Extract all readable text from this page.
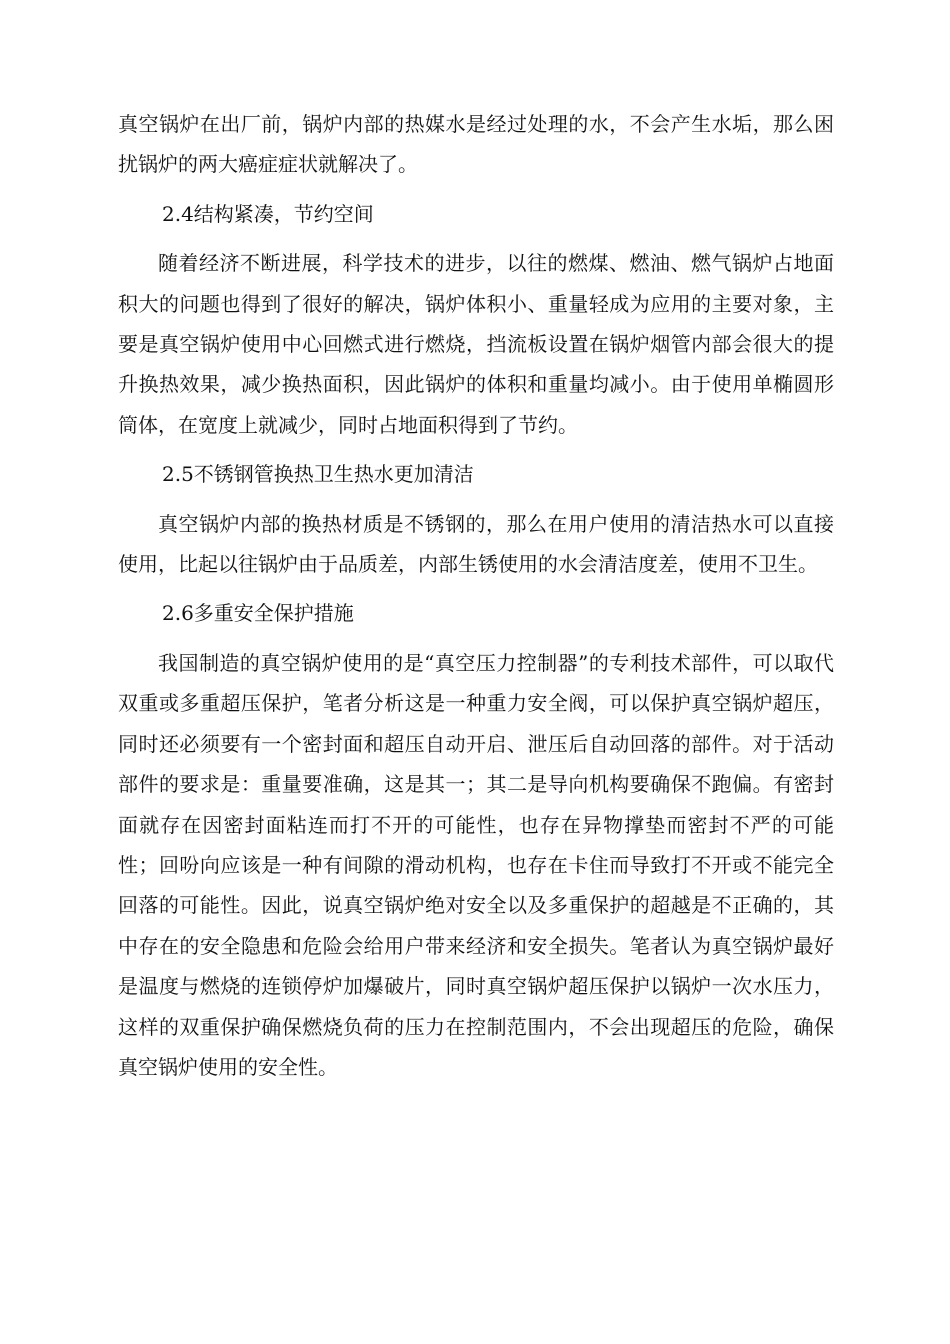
真空锅炉在出厂前，锅炉内部的热媒水是经过处理的水，不会产生水垢，那么困扰锅炉的两大癌症症状就解决了。

2.4结构紧凑，节约空间

随着经济不断进展，科学技术的进步，以往的燃煤、燃油、燃气锅炉占地面积大的问题也得到了很好的解决，锅炉体积小、重量轻成为应用的主要对象，主要是真空锅炉使用中心回燃式进行燃烧，挡流板设置在锅炉烟管内部会很大的提升换热效果，减少换热面积，因此锅炉的体积和重量均减小。由于使用单椭圆形筒体，在宽度上就减少，同时占地面积得到了节约。

2.5不锈钢管换热卫生热水更加清洁

真空锅炉内部的换热材质是不锈钢的，那么在用户使用的清洁热水可以直接使用，比起以往锅炉由于品质差，内部生锈使用的水会清洁度差，使用不卫生。

2.6多重安全保护措施

我国制造的真空锅炉使用的是“真空压力控制器”的专利技术部件，可以取代双重或多重超压保护，笔者分析这是一种重力安全阀，可以保护真空锅炉超压，同时还必须要有一个密封面和超压自动开启、泄压后自动回落的部件。对于活动部件的要求是：重量要准确，这是其一；其二是导向机构要确保不跑偏。有密封面就存在因密封面粘连而打不开的可能性，也存在异物撑垫而密封不严的可能性；回吩向应该是一种有间隙的滑动机构，也存在卡住而导致打不开或不能完全回落的可能性。因此，说真空锅炉绝对安全以及多重保护的超越是不正确的，其中存在的安全隐患和危险会给用户带来经济和安全损失。笔者认为真空锅炉最好是温度与燃烧的连锁停炉加爆破片，同时真空锅炉超压保护以锅炉一次水压力，这样的双重保护确保燃烧负荷的压力在控制范围内，不会出现超压的危险，确保真空锅炉使用的安全性。
